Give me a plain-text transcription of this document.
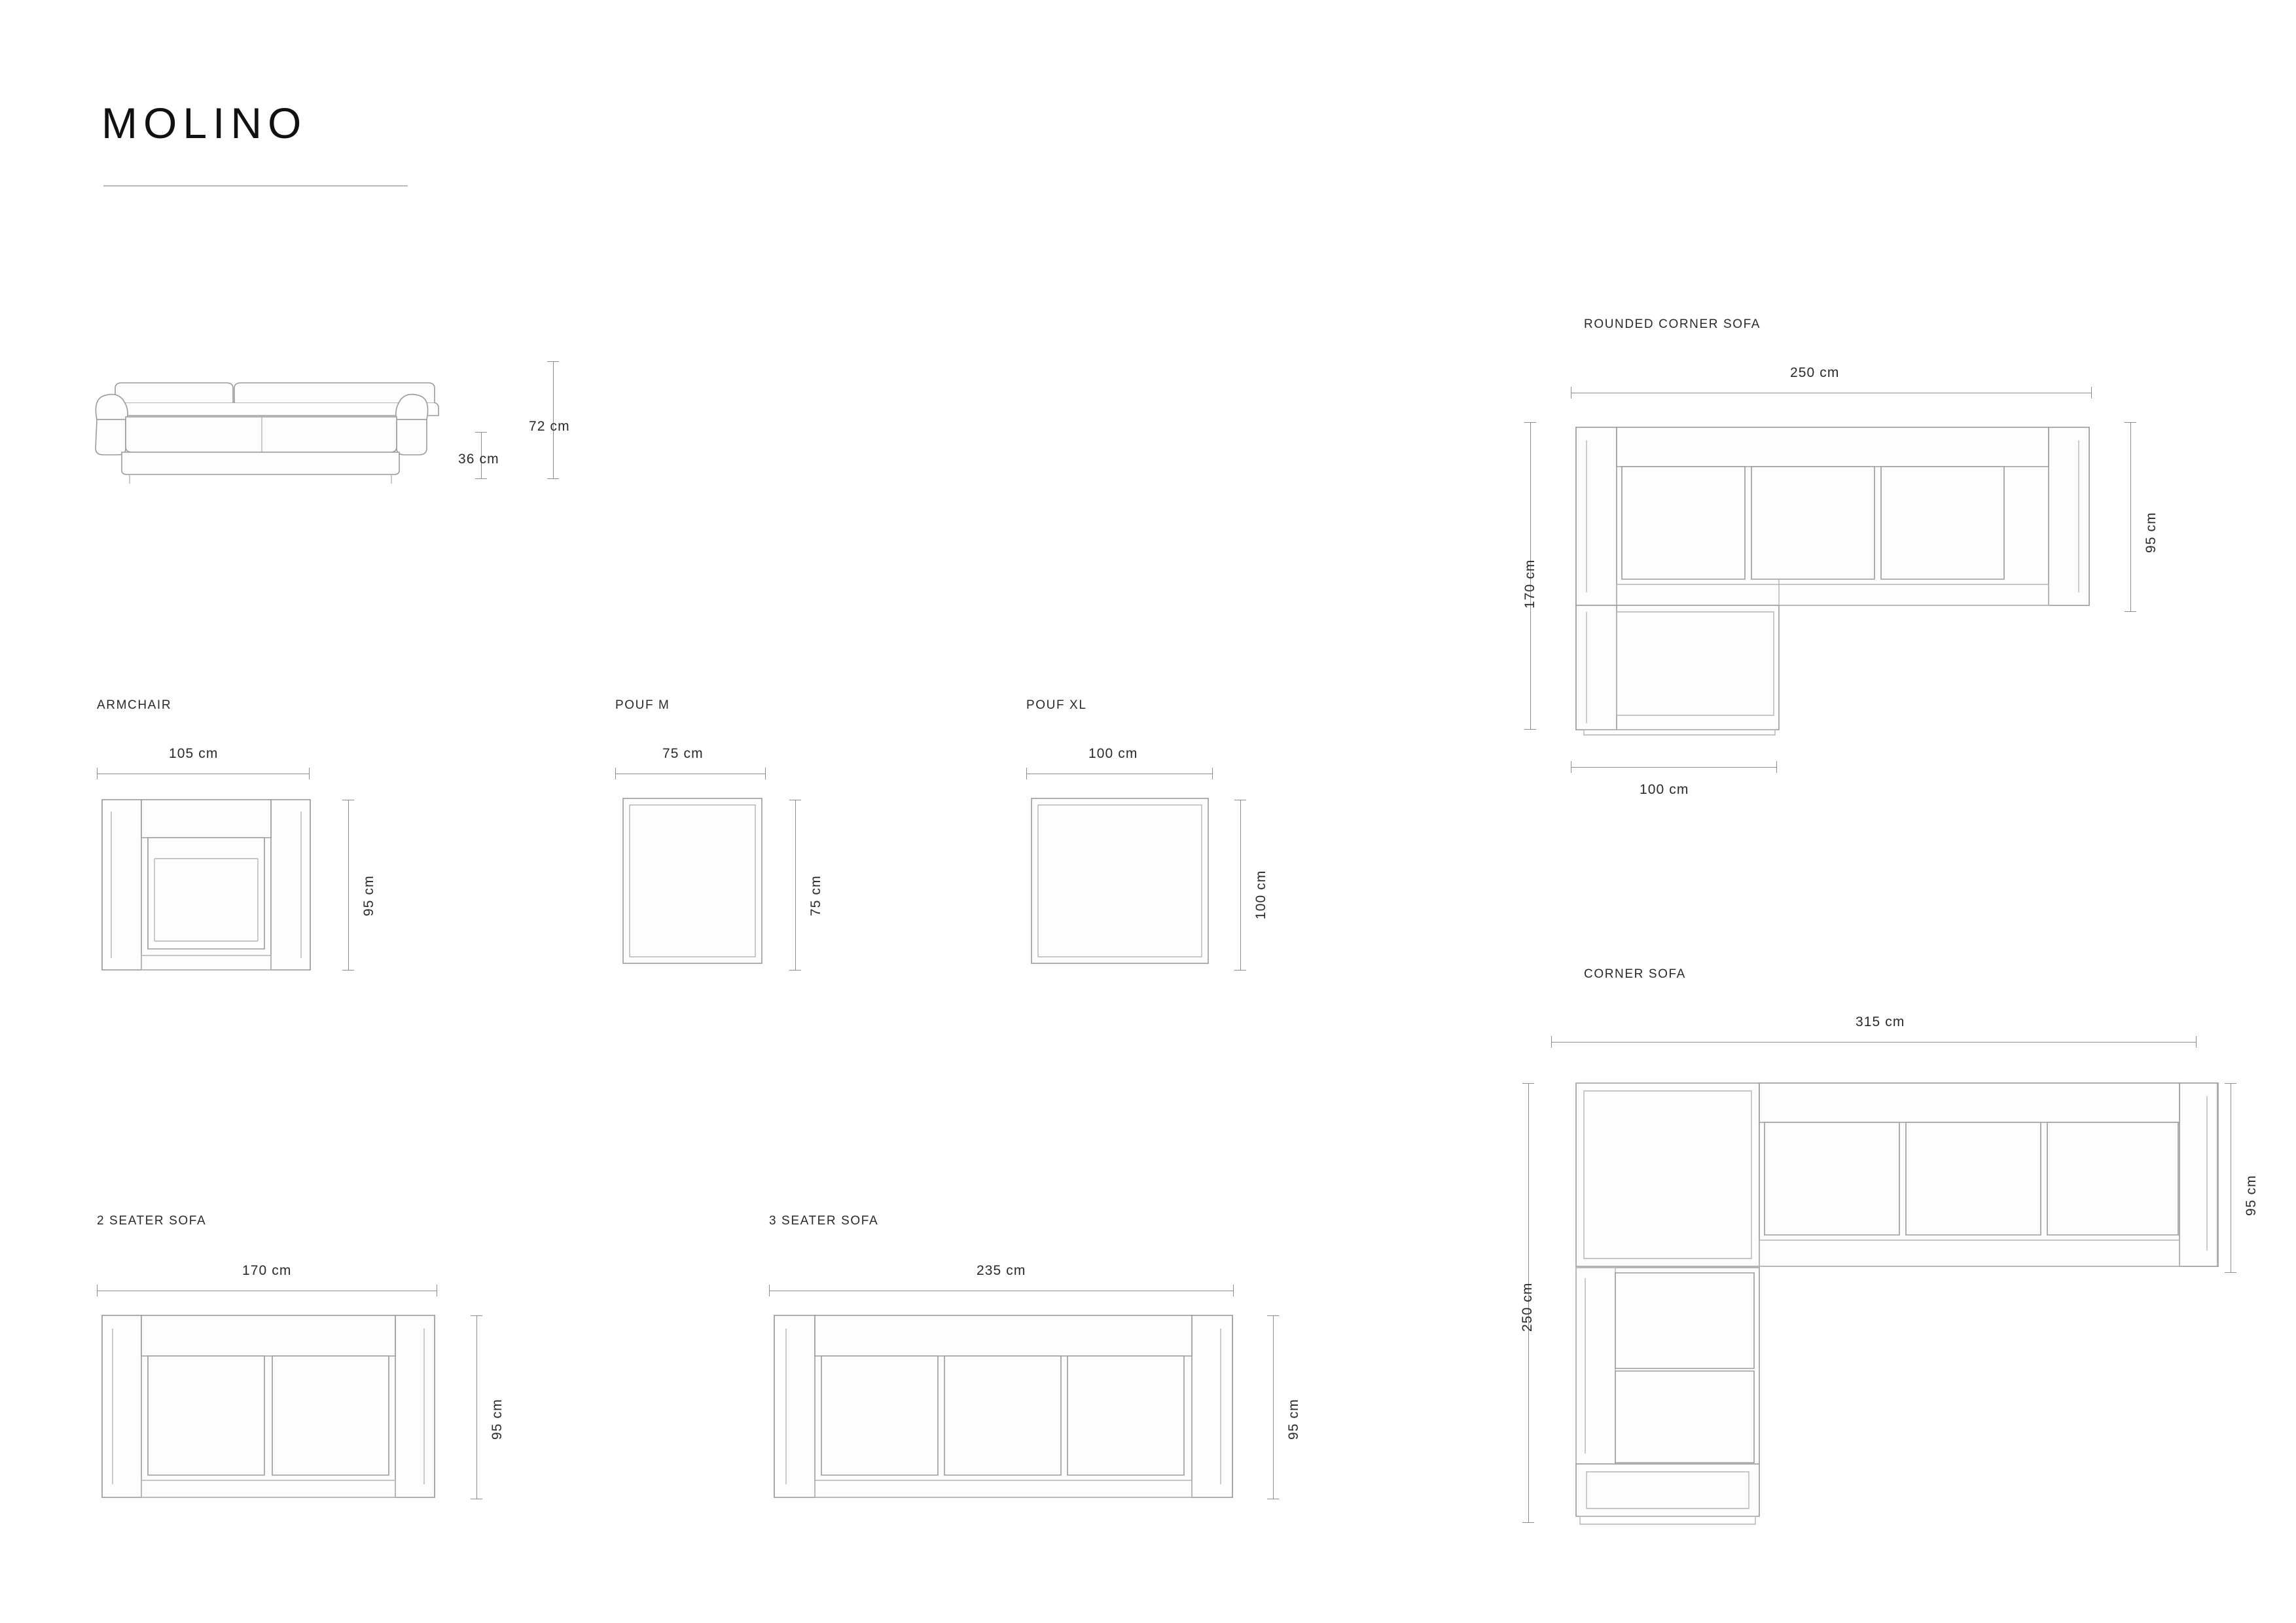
MOLINO
72 cm
36 cm
ARMCHAIR
105 cm
95 cm
POUF M
75 cm
75 cm
POUF XL
100 cm
100 cm
2 SEATER SOFA
170 cm
95 cm
3 SEATER SOFA
235 cm
95 cm
ROUNDED CORNER SOFA
250 cm
95 cm
170 cm
100 cm
CORNER SOFA
315 cm
95 cm
250 cm
